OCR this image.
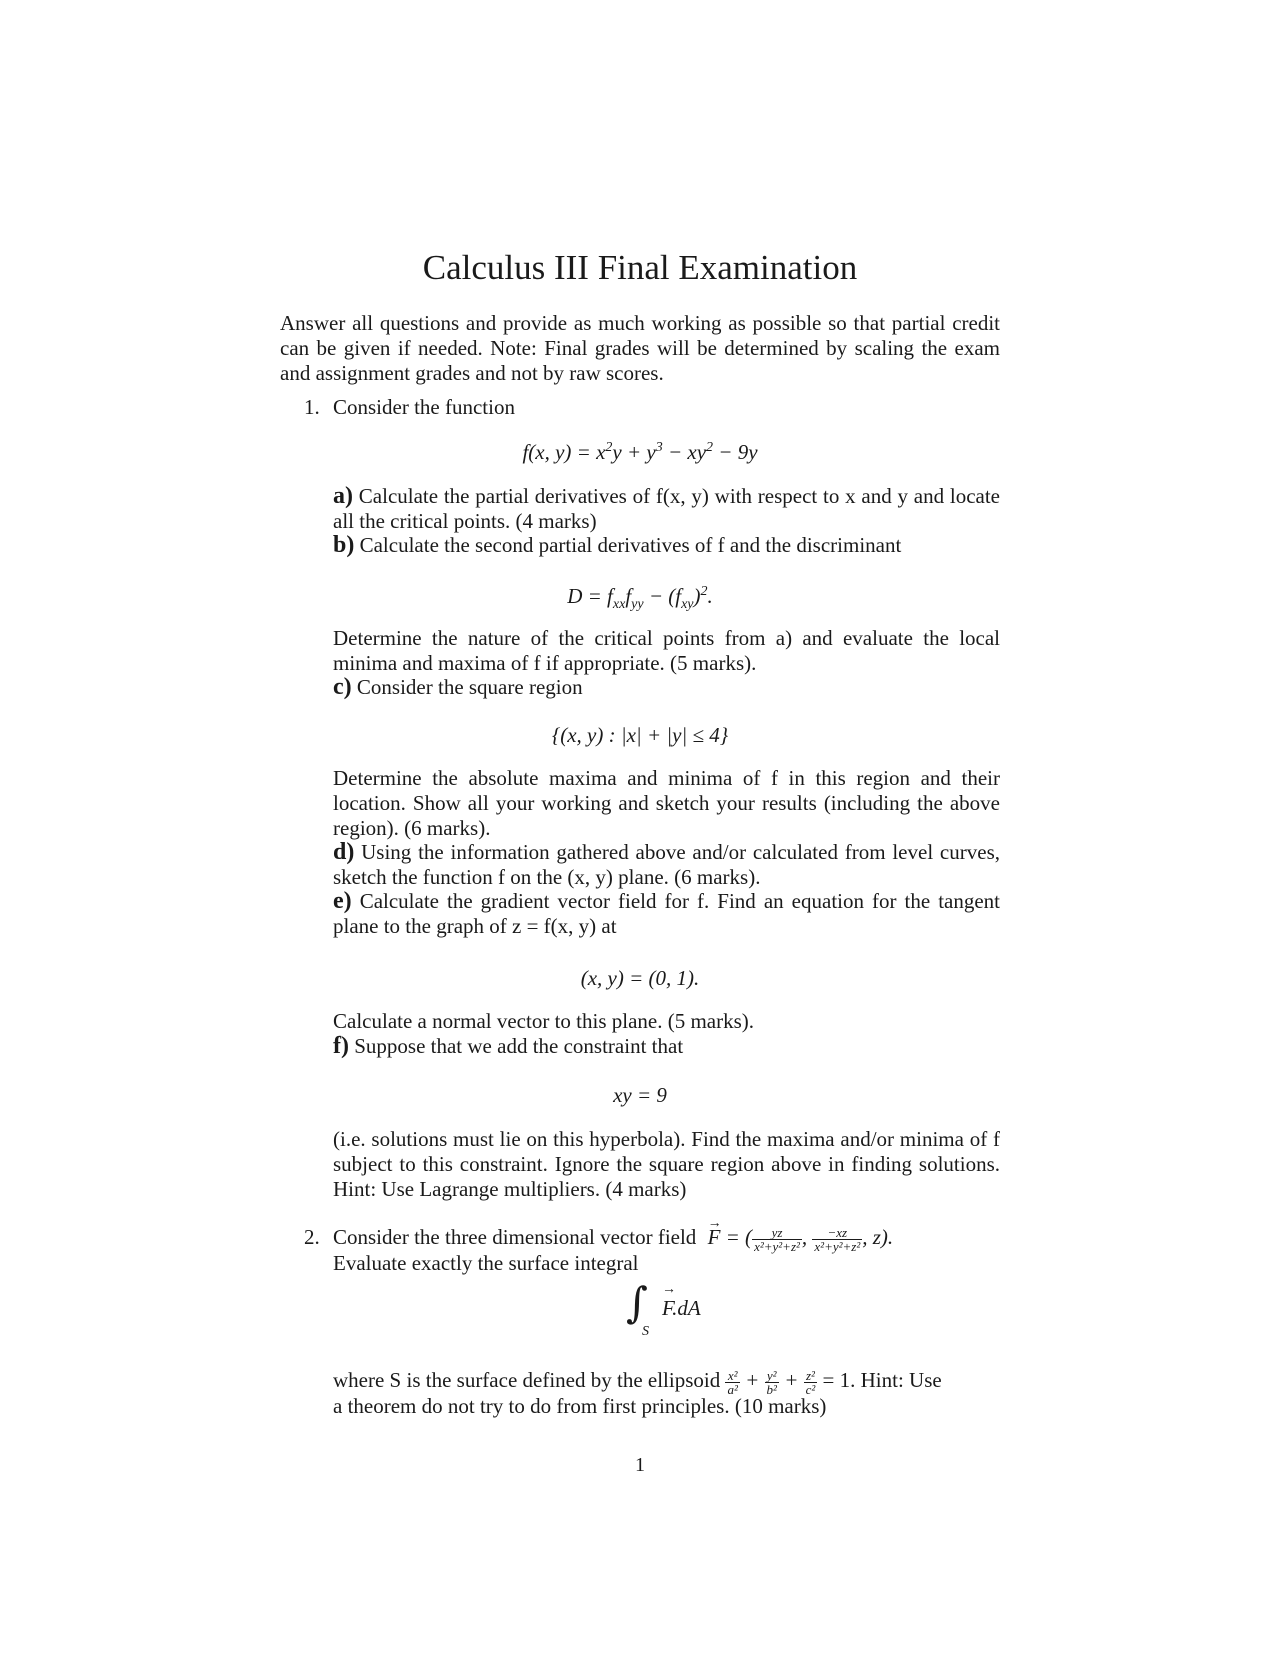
Calculus III Final Examination
Answer all questions and provide as much working as possible so that partial credit can be given if needed. Note: Final grades will be determined by scaling the exam and assignment grades and not by raw scores.
1. Consider the function
f(x, $y) = x^2y + y^3 - xy^2 - 9y$
a) Calculate the partial derivatives of f(x, y) with respect to x and y and locate all the critical points. (4 marks)
b) Calculate the second partial derivatives of f and the discriminant
$D = f_{xx}f_{yy} - (f_{xy})^2$.
Determine the nature of the critical points from a) and evaluate the local minima and maxima of f if appropriate. (5 marks).
c) Consider the square region
{(x, y) : |x| + |y| ≤ 4}
Determine the absolute maxima and minima of f in this region and their location. Show all your working and sketch your results (including the above region). (6 marks).
d) Using the information gathered above and/or calculated from level curves, sketch the function f on the (x, y) plane. (6 marks).
e) Calculate the gradient vector field for f. Find an equation for the tangent plane to the graph of z = f(x, y) at
(x, y) = (0, 1).
Calculate a normal vector to this plane. (5 marks).
f) Suppose that we add the constraint that
xy = 9
(i.e. solutions must lie on this hyperbola). Find the maxima and/or minima of f subject to this constraint. Ignore the square region above in finding solutions. Hint: Use Lagrange multipliers. (4 marks)
2. Consider the three dimensional vector field → F = ( $\frac{yz}{\text{x²+y²+z²}}$ , $\frac{-xz}{\text{x²+y²+z²}}$ , z).
Evaluate exactly the surface integral
∫
S
→ F.dA
where S is the surface defined by the ellipsoid $\frac{\text{x²}}{\text{a²}} + \frac{\text{y²}}{\text{b²}} + \frac{\text{z²}}{\text{c²}} = 1$. Hint: Use
a theorem do not try to do from first principles. (10 marks)
1
